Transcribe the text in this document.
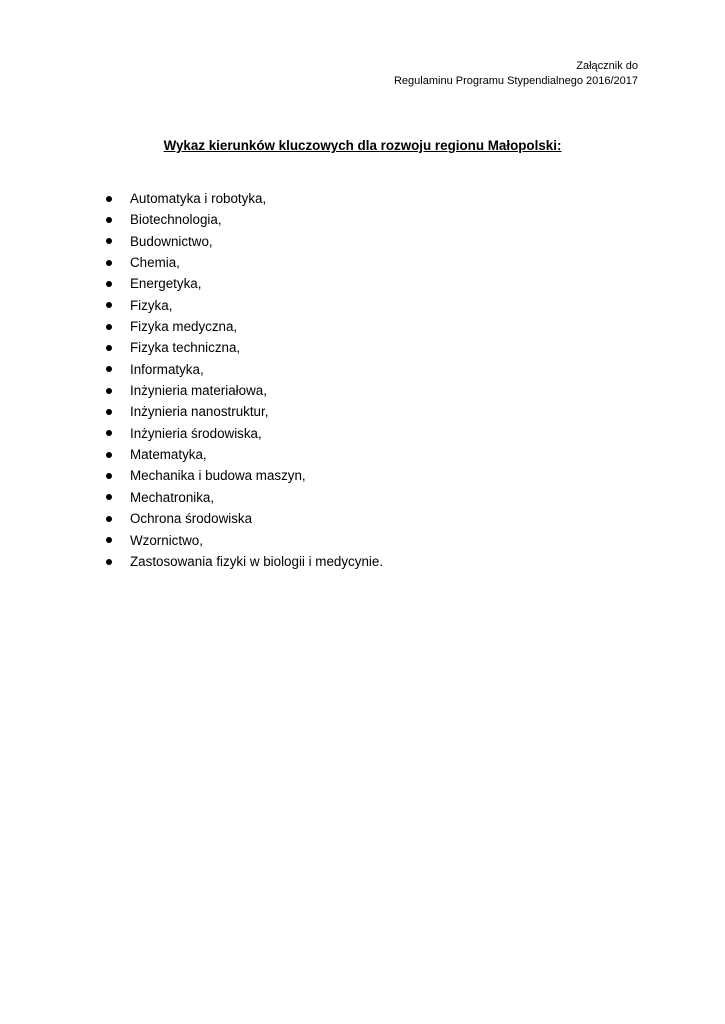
Załącznik do
Regulaminu Programu Stypendialnego 2016/2017
Wykaz kierunków kluczowych dla rozwoju regionu Małopolski:
Automatyka i robotyka,
Biotechnologia,
Budownictwo,
Chemia,
Energetyka,
Fizyka,
Fizyka medyczna,
Fizyka techniczna,
Informatyka,
Inżynieria materiałowa,
Inżynieria nanostruktur,
Inżynieria środowiska,
Matematyka,
Mechanika i budowa maszyn,
Mechatronika,
Ochrona środowiska
Wzornictwo,
Zastosowania fizyki w biologii i medycynie.
